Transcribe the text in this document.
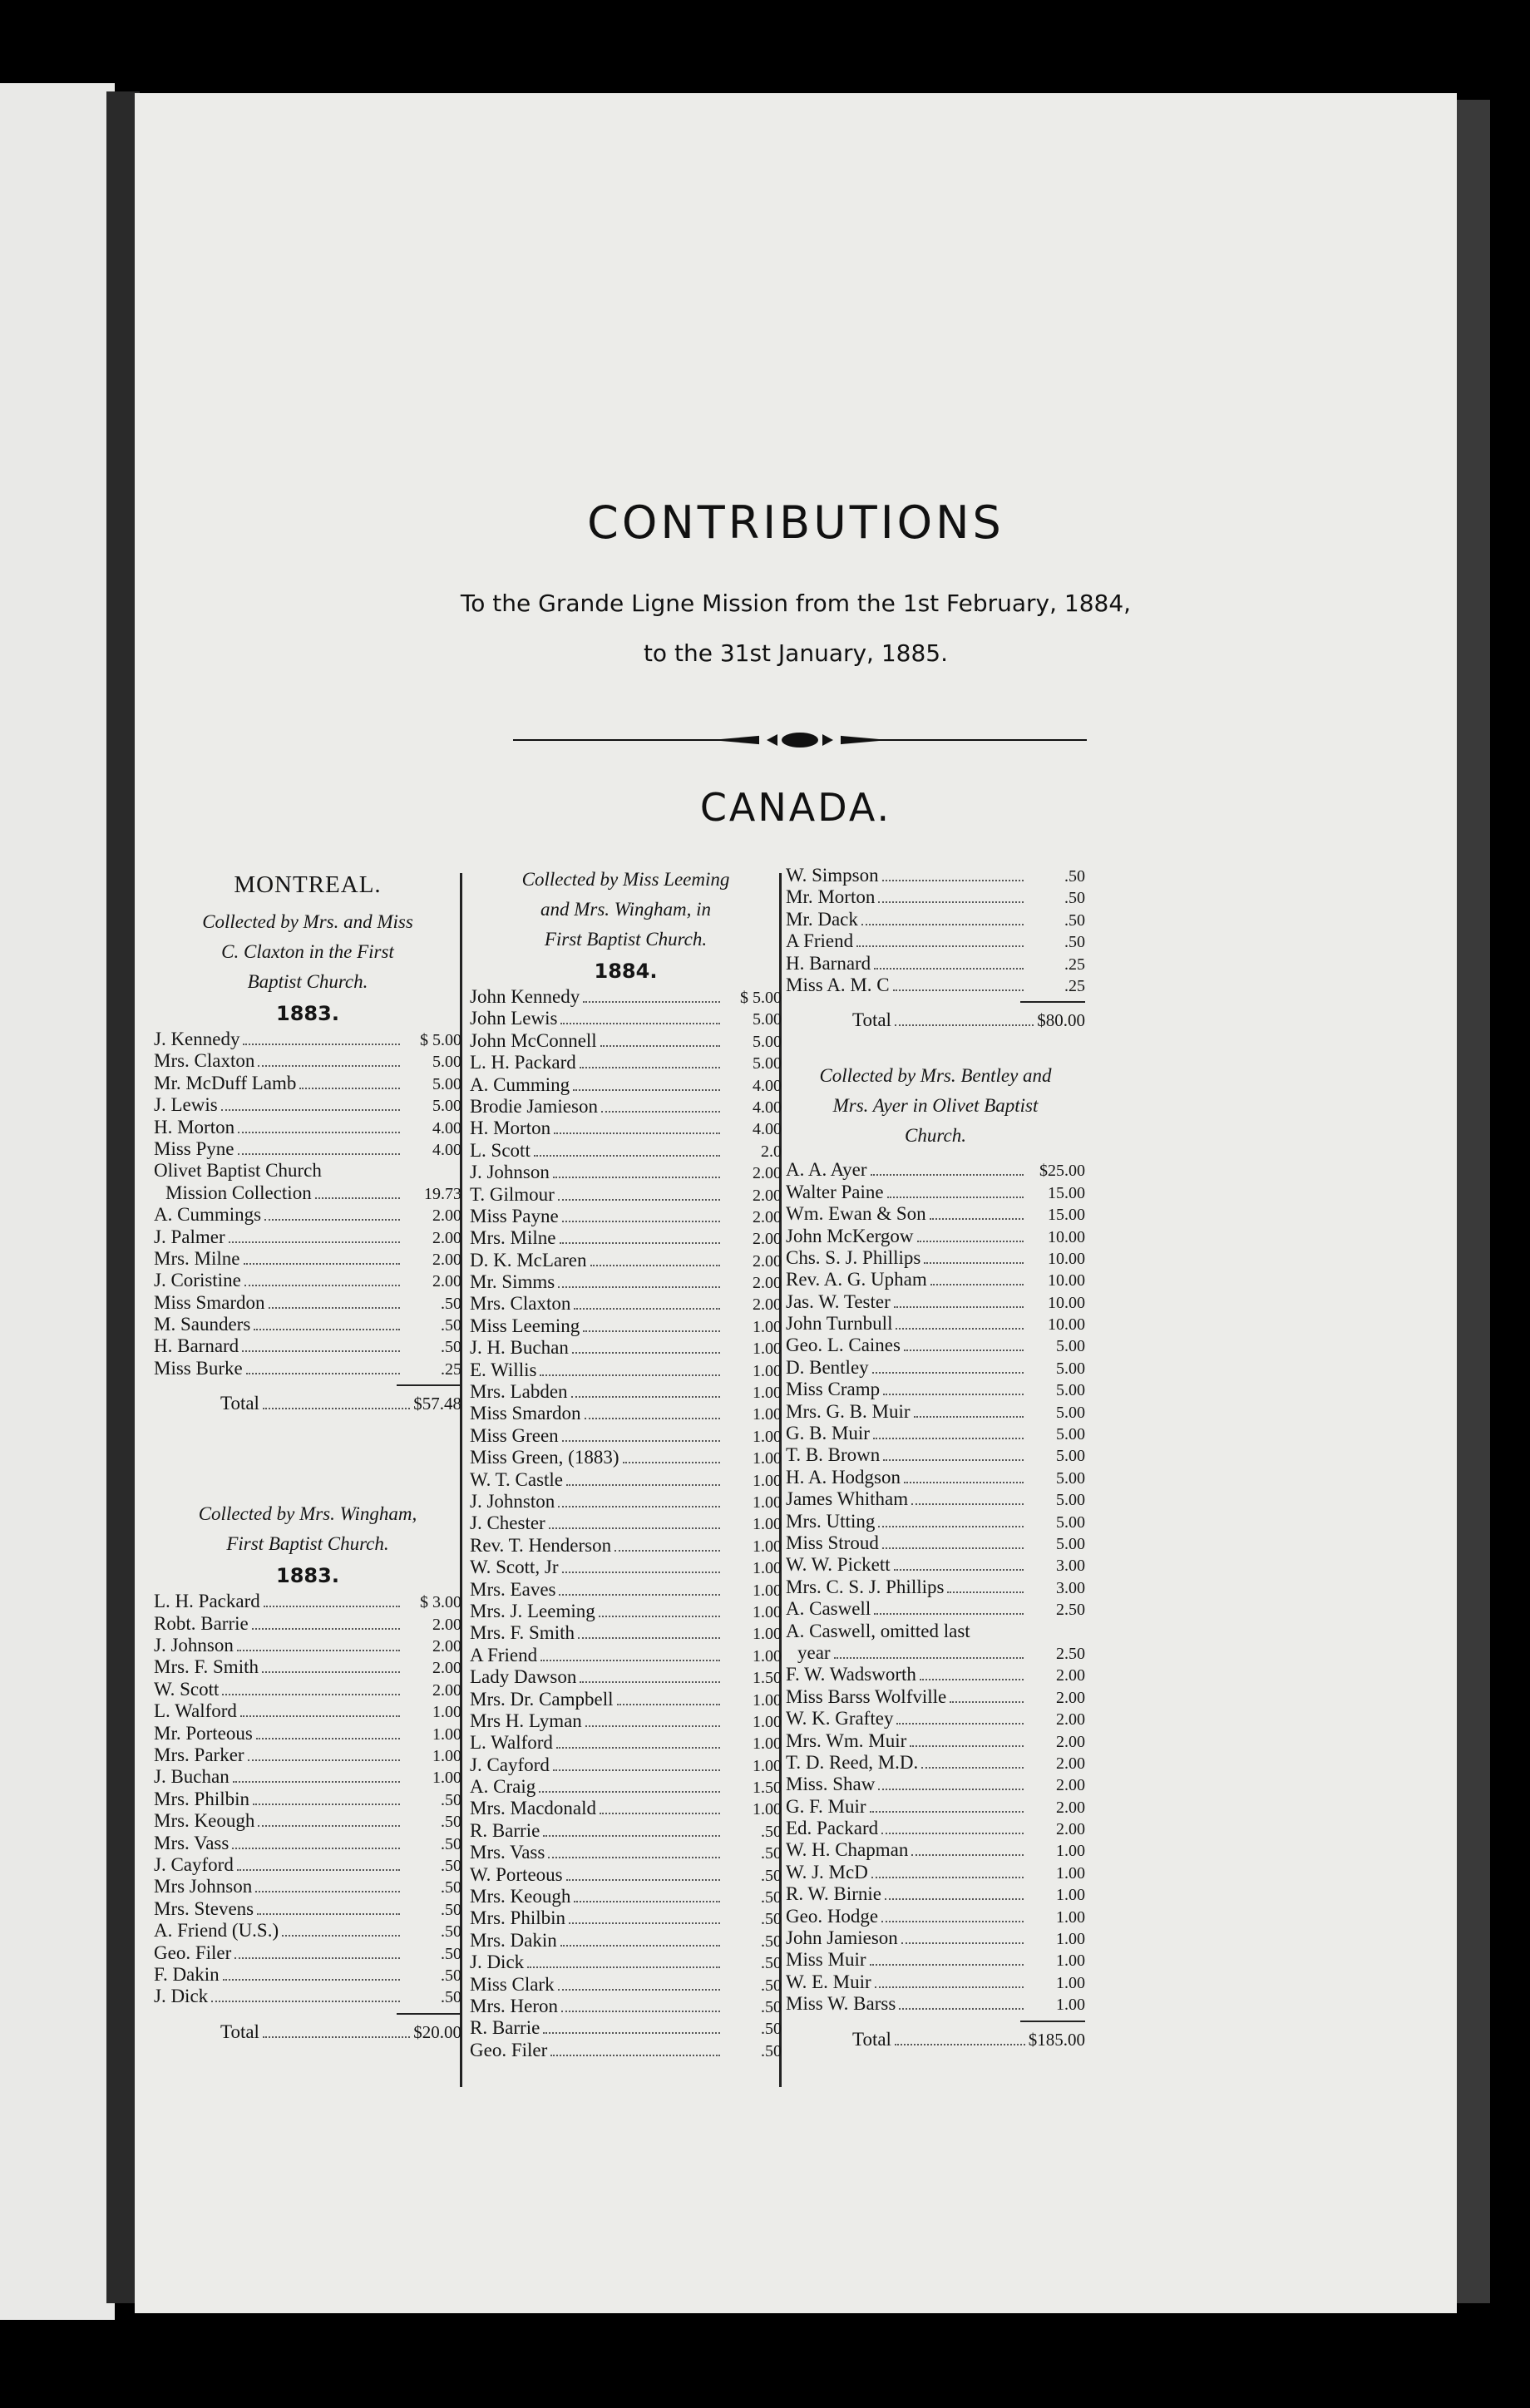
CONTRIBUTIONS

To the Grande Ligne Mission from the 1st February, 1884,

to the 31st January, 1885.

CANADA.
MONTREAL.

Collected by Mrs. and Miss

C. Claxton in the First

Baptist Church.

1883.
J. Kennedy	$ 5.00
Mrs. Claxton	5.00
Mr. McDuff Lamb	5.00
J. Lewis	5.00
H. Morton	4.00
Miss Pyne	4.00
Olivet Baptist Church
Mission Collection	19.73
A. Cummings	2.00
J. Palmer	2.00
Mrs. Milne	2.00
J. Coristine	2.00
Miss Smardon	.50
M. Saunders	.50
H. Barnard	.50
Miss Burke	.25
Total	$57.48

Collected by Mrs. Wingham,

First Baptist Church.

1883.
L. H. Packard	$ 3.00
Robt. Barrie	2.00
J. Johnson	2.00
Mrs. F. Smith	2.00
W. Scott	2.00
L. Walford	1.00
Mr. Porteous	1.00
Mrs. Parker	1.00
J. Buchan	1.00
Mrs. Philbin	.50
Mrs. Keough	.50
Mrs. Vass	.50
J. Cayford	.50
Mrs Johnson	.50
Mrs. Stevens	.50
A. Friend (U.S.)	.50
Geo. Filer	.50
F. Dakin	.50
J. Dick	.50
Total	$20.00

Collected by Miss Leeming

and Mrs. Wingham, in

First Baptist Church.

1884.
John Kennedy	$ 5.00
John Lewis	5.00
John McConnell	5.00
L. H. Packard	5.00
A. Cumming	4.00
Brodie Jamieson	4.00
H. Morton	4.00
L. Scott	2.0
J. Johnson	2.00
T. Gilmour	2.00
Miss Payne	2.00
Mrs. Milne	2.00
D. K. McLaren	2.00
Mr. Simms	2.00
Mrs. Claxton	2.00
Miss Leeming	1.00
J. H. Buchan	1.00
E. Willis	1.00
Mrs. Labden	1.00
Miss Smardon	1.00
Miss Green	1.00
Miss Green, (1883)	1.00
W. T. Castle	1.00
J. Johnston	1.00
J. Chester	1.00
Rev. T. Henderson	1.00
W. Scott, Jr	1.00
Mrs. Eaves	1.00
Mrs. J. Leeming	1.00
Mrs. F. Smith	1.00
A Friend	1.00
Lady Dawson	1.50
Mrs. Dr. Campbell	1.00
Mrs H. Lyman	1.00
L. Walford	1.00
J. Cayford	1.00
A. Craig	1.50
Mrs. Macdonald	1.00
R. Barrie	.50
Mrs. Vass	.50
W. Porteous	.50
Mrs. Keough	.50
Mrs. Philbin	.50
Mrs. Dakin	.50
J. Dick	.50
Miss Clark	.50
Mrs. Heron	.50
R. Barrie	.50
Geo. Filer	.50
W. Simpson	.50
Mr. Morton	.50
Mr. Dack	.50
A Friend	.50
H. Barnard	.25
Miss A. M. C	.25
Total	$80.00

Collected by Mrs. Bentley and

Mrs. Ayer in Olivet Baptist

Church.

A. A. Ayer	$25.00
Walter Paine	15.00
Wm. Ewan & Son	15.00
John McKergow	10.00
Chs. S. J. Phillips	10.00
Rev. A. G. Upham	10.00
Jas. W. Tester	10.00
John Turnbull	10.00
Geo. L. Caines	5.00
D. Bentley	5.00
Miss Cramp	5.00
Mrs. G. B. Muir	5.00
G. B. Muir	5.00
T. B. Brown	5.00
H. A. Hodgson	5.00
James Whitham	5.00
Mrs. Utting	5.00
Miss Stroud	5.00
W. W. Pickett	3.00
Mrs. C. S. J. Phillips	3.00
A. Caswell	2.50
A. Caswell, omitted last
year	2.50
F. W. Wadsworth	2.00
Miss Barss Wolfville	2.00
W. K. Graftey	2.00
Mrs. Wm. Muir	2.00
T. D. Reed, M.D.	2.00
Miss. Shaw	2.00
G. F. Muir	2.00
Ed. Packard	2.00
W. H. Chapman	1.00
W. J. McD	1.00
R. W. Birnie	1.00
Geo. Hodge	1.00
John Jamieson	1.00
Miss Muir	1.00
W. E. Muir	1.00
Miss W. Barss	1.00
Total	$185.00
